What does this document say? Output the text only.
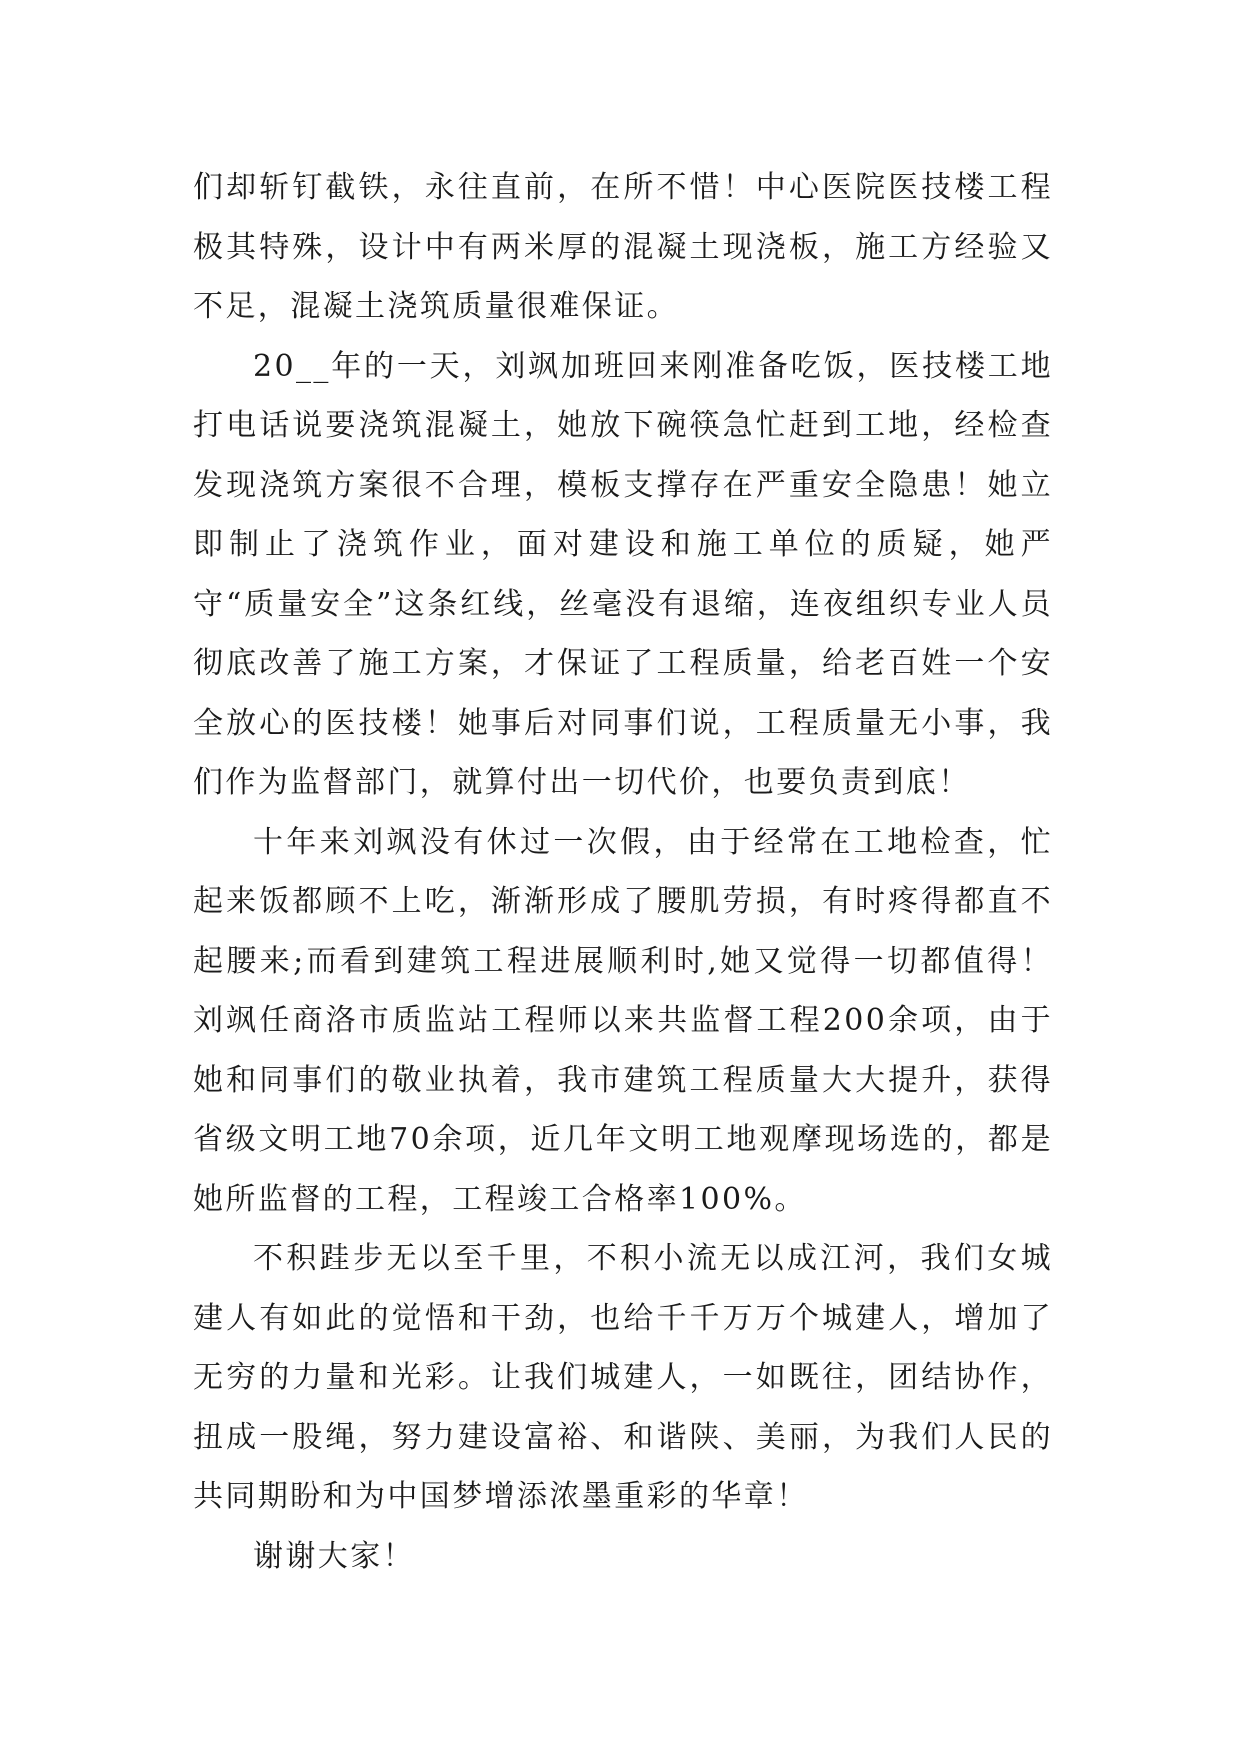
们却斩钉截铁，永往直前，在所不惜！中心医院医技楼工程极其特殊，设计中有两米厚的混凝土现浇板，施工方经验又不足，混凝土浇筑质量很难保证。

20__年的一天，刘飒加班回来刚准备吃饭，医技楼工地打电话说要浇筑混凝土，她放下碗筷急忙赶到工地，经检查发现浇筑方案很不合理，模板支撑存在严重安全隐患！她立即制止了浇筑作业，面对建设和施工单位的质疑，她严守“质量安全”这条红线，丝毫没有退缩，连夜组织专业人员彻底改善了施工方案，才保证了工程质量，给老百姓一个安全放心的医技楼！她事后对同事们说，工程质量无小事，我们作为监督部门，就算付出一切代价，也要负责到底！

十年来刘飒没有休过一次假，由于经常在工地检查，忙起来饭都顾不上吃，渐渐形成了腰肌劳损，有时疼得都直不起腰来;而看到建筑工程进展顺利时,她又觉得一切都值得！刘飒任商洛市质监站工程师以来共监督工程200余项，由于她和同事们的敬业执着，我市建筑工程质量大大提升，获得省级文明工地70余项，近几年文明工地观摩现场选的，都是她所监督的工程，工程竣工合格率100%。

不积跬步无以至千里，不积小流无以成江河，我们女城建人有如此的觉悟和干劲，也给千千万万个城建人，增加了无穷的力量和光彩。让我们城建人，一如既往，团结协作，扭成一股绳，努力建设富裕、和谐陕、美丽，为我们人民的共同期盼和为中国梦增添浓墨重彩的华章！

谢谢大家！
